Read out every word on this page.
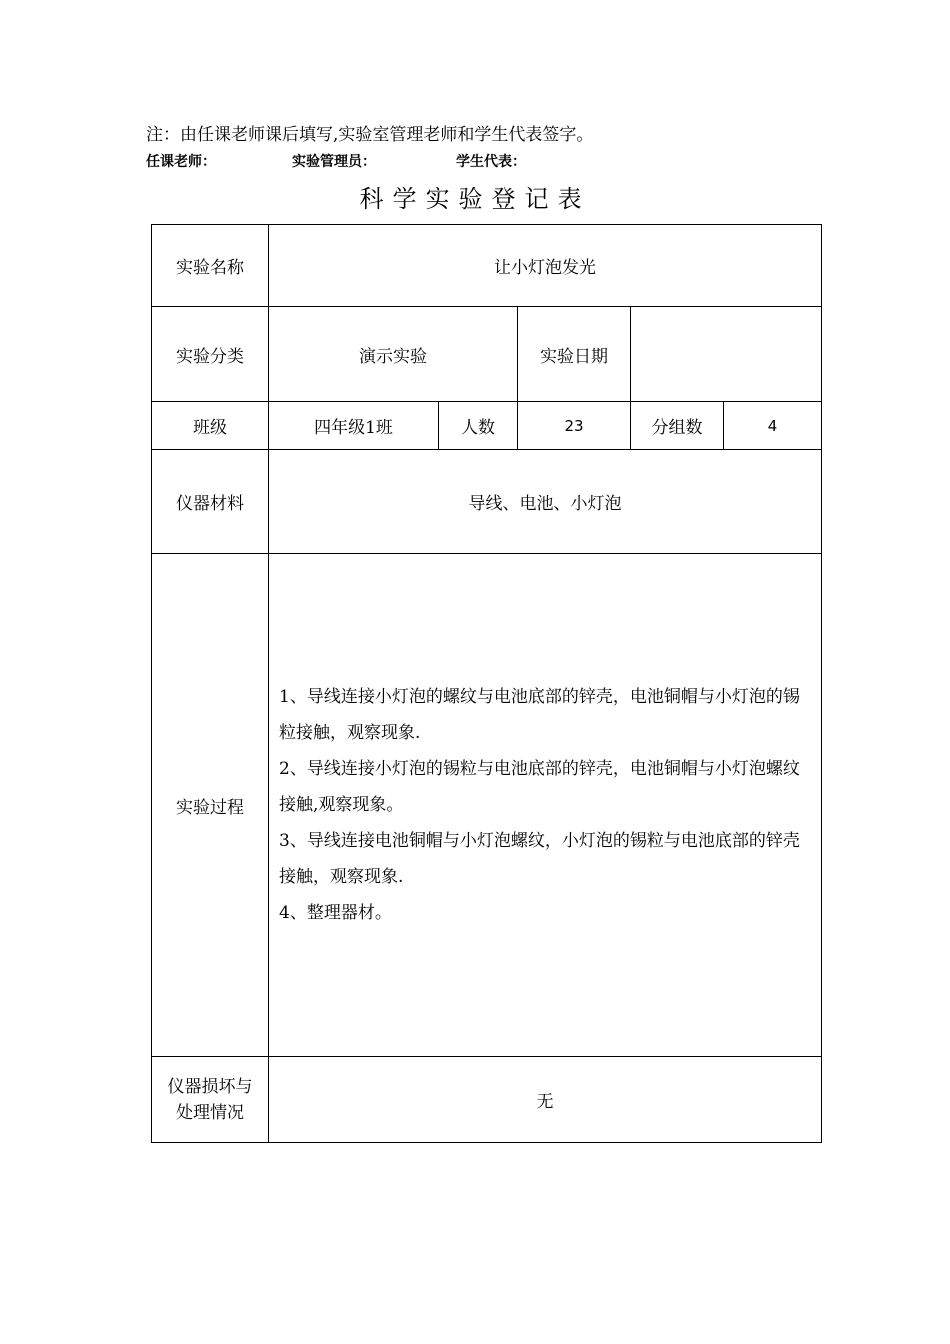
注：由任课老师课后填写,实验室管理老师和学生代表签字。
任课老师：	实验管理员：	学生代表：
科学实验登记表
实验名称	让小灯泡发光				
实验分类	演示实验		实验日期		
班级	四年级1班	人数	23	分组数	4
仪器材料	导线、电池、小灯泡				
实验过程	1、导线连接小灯泡的螺纹与电池底部的锌壳，电池铜帽与小灯泡的锡粒接触，观察现象.

2、导线连接小灯泡的锡粒与电池底部的锌壳，电池铜帽与小灯泡螺纹接触,观察现象。

3、导线连接电池铜帽与小灯泡螺纹，小灯泡的锡粒与电池底部的锌壳接触，观察现象.

4、整理器材。				

仪器损坏与
处理情况	无				
